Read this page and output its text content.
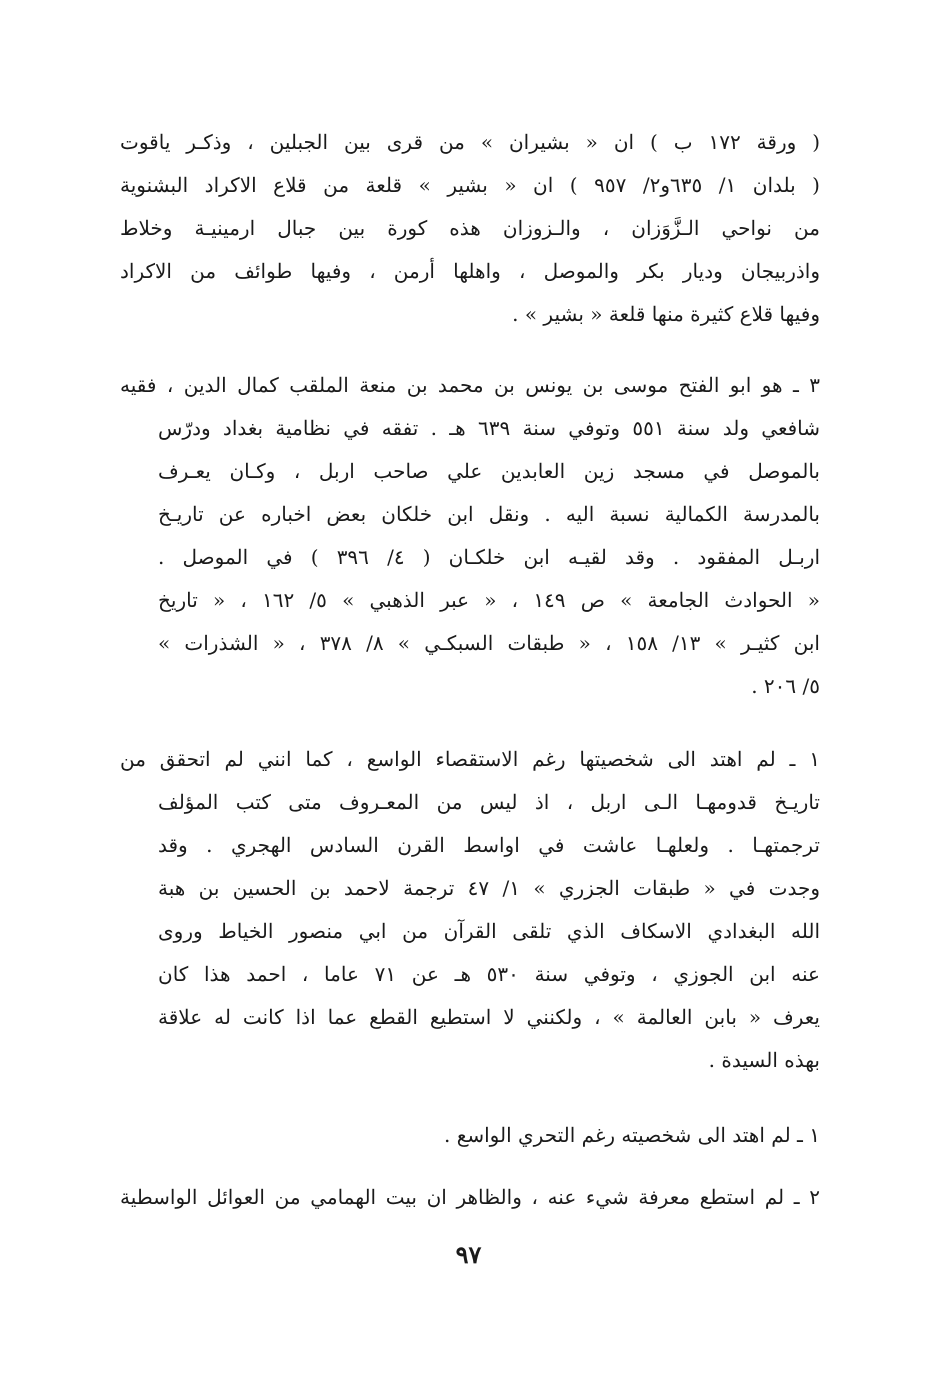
( ورقة ١٧٢ ب ) ان « بشيران » من قرى بين الجبلين ، وذكـر ياقوت
( بلدان ١/ ٦٣٥و٢/ ٩٥٧ ) ان « بشير » قلعة من قلاع الاكراد البشنوية
من نواحي الـزَّوَزان ، والـزوزان هذه كورة بين جبال ارمينيـة وخلاط
واذربيجان وديار بكر والموصل ، واهلها أرمن ، وفيها طوائف من الاكراد
وفيها قلاع كثيرة منها قلعة « بشير » .
٣ ـ هو ابو الفتح موسى بن يونس بن محمد بن منعة الملقب كمال الدين ، فقيه
شافعي ولد سنة ٥٥١ وتوفي سنة ٦٣٩ هـ . تفقه في نظامية بغداد ودرّس
بالموصل في مسجد زين العابدين علي صاحب اربل ، وكـان يعـرف
بالمدرسة الكمالية نسبة اليه . ونقل ابن خلكان بعض اخباره عن تاريـخ
اربـل المفقود . وقد لقيـه ابن خلكـان ( ٤/ ٣٩٦ ) في الموصل .
« الحوادث الجامعة » ص ١٤٩ ، « عبر الذهبي » ٥/ ١٦٢ ، « تاريخ
ابن كثيـر » ١٣/ ١٥٨ ، « طبقات السبكـي » ٨/ ٣٧٨ ، « الشذرات »
٥/ ٢٠٦ .
١ ـ لم اهتد الى شخصيتها رغم الاستقصاء الواسع ، كما انني لم اتحقق من
تاريـخ قدومهـا الـى اربل ، اذ ليس من المعـروف متى كتب المؤلف
ترجمتهـا . ولعلهـا عاشت في اواسط القرن السادس الهجري . وقد
وجدت في « طبقات الجزري » ١/ ٤٧ ترجمة لاحمد بن الحسين بن هبة
الله البغدادي الاسكاف الذي تلقى القرآن من ابي منصور الخياط وروى
عنه ابن الجوزي ، وتوفي سنة ٥٣٠ هـ عن ٧١ عاما ، احمد هذا كان
يعرف « بابن العالمة » ، ولكنني لا استطيع القطع عما اذا كانت له علاقة
بهذه السيدة .
١ ـ لم اهتد الى شخصيته رغم التحري الواسع .
٢ ـ لم استطع معرفة شيء عنه ، والظاهر ان بيت الهمامي من العوائل الواسطية
٩٧
